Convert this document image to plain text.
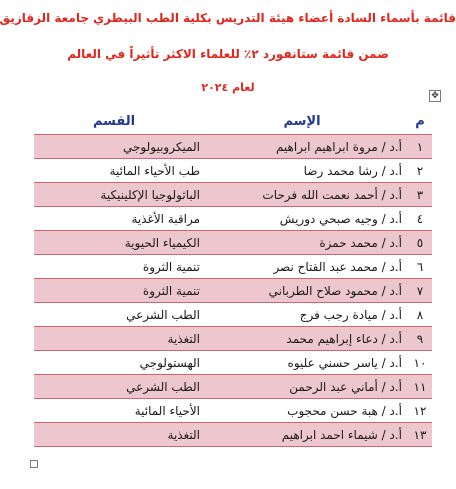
قائمة بأسماء السادة أعضاء هيئة التدريس بكلية الطب البيطري جامعة الزقازيق
ضمن قائمة ستانفورد ٢٪ للعلماء الاكثر تأثيراً في العالم
لعام ٢٠٢٤
✥
م
الإسم
القسم
١
أ.د / مروة ابراهيم ابراهيم
الميكروبيولوجي
٢
أ.د / رشا محمد رضا
طب الأحياء المائية
٣
أ.د / أحمد نعمت الله فرحات
الباثولوجيا الإكلينيكية
٤
أ.د / وجيه صبحي دوريش
مراقبة الأغذية
٥
أ.د / محمد حمزة
الكيمياء الحيوية
٦
أ.د / محمد عبد الفتاح نصر
تنمية الثروة
٧
أ.د / محمود صلاح الطرباني
تنمية الثروة
٨
أ.د / ميادة رجب فرج
الطب الشرعي
٩
أ.د / دعاء إبراهيم محمد
التغذية
١٠
أ.د / ياسر حسني عليوه
الهستولوجي
١١
أ.د / أماني عبد الرحمن
الطب الشرعي
١٢
أ.د / هبة حسن محجوب
الأحياء المائية
١٣
أ.د / شيماء احمد ابراهيم
التغذية
